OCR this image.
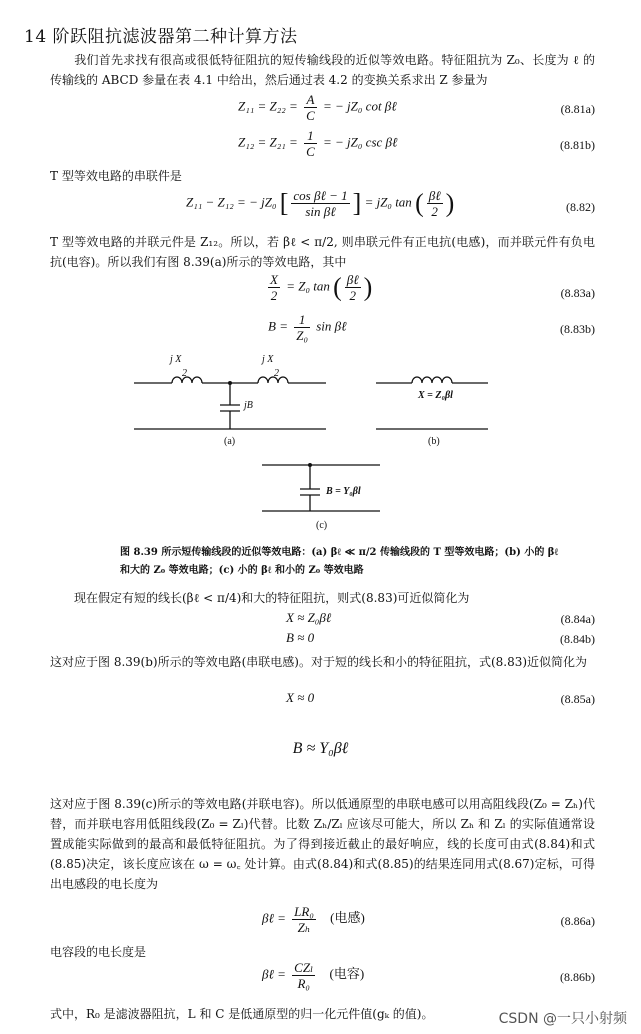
14 阶跃阻抗滤波器第二种计算方法
我们首先求找有很高或很低特征阻抗的短传输线段的近似等效电路。特征阻抗为 Z₀、长度为 ℓ 的传输线的 ABCD 参量在表 4.1 中给出，然后通过表 4.2 的变换关系求出 Z 参量为
$Z_{11} = Z_{22} = \frac{A}{C}$ = − jZ₀ cot βℓ	(8.81a)
$Z_{12} = Z_{21} = \frac{1}{C}$ = − jZ₀ csc βℓ	(8.81b)
T 型等效电路的串联件是
Z₁₁ − Z₁₂ = − jZ₀ [ $\frac{\text{cos βℓ − 1}}{\text{sin βℓ}}$ ] = jZ₀ tan ( $\frac{\text{βℓ}}{2}$ )	(8.82)
T 型等效电路的并联元件是 Z₁₂。所以，若 βℓ < π/2, 则串联元件有正电抗(电感)，而并联元件有负电抗(电容)。所以我们有图 8.39(a)所示的等效电路，其中
$\frac{X}{2} = Z_0$ tan ( $\frac{\text{βℓ}}{2}$ )	(8.83a)
$B = \frac{1}{\text{Z₀}}$ sin βℓ	(8.83b)
j X
2
j X
2
jB
(a)
X = Z₀βl
(b)
B = Y₀βl
(c)
图 8.39 所示短传输线段的近似等效电路：(a) βℓ ≪ π/2 传输线段的 T 型等效电路；(b) 小的 βℓ 和大的 Z₀ 等效电路；(c) 小的 βℓ 和小的 Z₀ 等效电路
现在假定有短的线长(βℓ < π/4)和大的特征阻抗，则式(8.83)可近似简化为
X ≈ Z₀βℓ	(8.84a)
B ≈ 0	(8.84b)
这对应于图 8.39(b)所示的等效电路(串联电感)。对于短的线长和小的特征阻抗，式(8.83)近似简化为
X ≈ 0	(8.85a)
B ≈ Y₀βℓ
这对应于图 8.39(c)所示的等效电路(并联电容)。所以低通原型的串联电感可以用高阻线段(Z₀ = Zₕ)代替，而并联电容用低阻线段(Z₀ = Zₗ)代替。比数 Zₕ/Zₗ 应该尽可能大，所以 Zₕ 和 Zₗ 的实际值通常设置成能实际做到的最高和最低特征阻抗。为了得到接近截止的最好响应，线的长度可由式(8.84)和式(8.85)决定，该长度应该在 ω = ω꜀ 处计算。由式(8.84)和式(8.85)的结果连同用式(8.67)定标，可得出电感段的电长度为
βℓ = $\frac{\text{LR₀}}{\text{Zₕ}}$ (电感)	(8.86a)
电容段的电长度是
βℓ = $\frac{\text{CZₗ}}{\text{R₀}}$ (电容)	(8.86b)
式中，R₀ 是滤波器阻抗，L 和 C 是低通原型的归一化元件值(gₖ 的值)。	CSDN @一只小射频
